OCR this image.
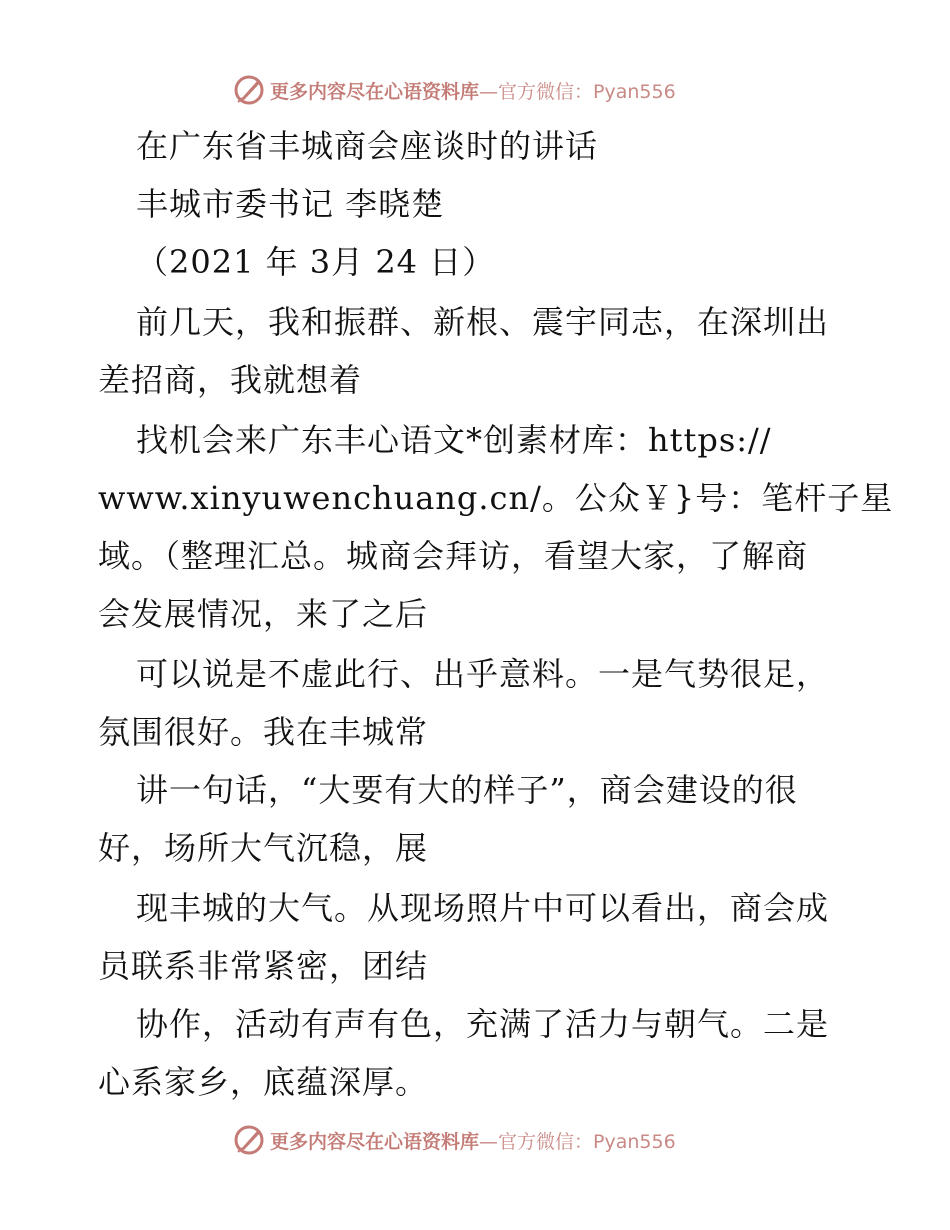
更多内容尽在心语资料库—官方微信：Pyan556
在广东省丰城商会座谈时的讲话
丰城市委书记 李晓楚
（2021 年 3月 24 日）
前几天，我和振群、新根、震宇同志，在深圳出
差招商，我就想着
找机会来广东丰心语文*创素材库：https://
www.xinyuwenchuang.cn/。公众￥}号：笔杆子星
域。（整理汇总。城商会拜访，看望大家，了解商
会发展情况，来了之后
可以说是不虚此行、出乎意料。一是气势很足，
氛围很好。我在丰城常
讲一句话，“大要有大的样子”，商会建设的很
好，场所大气沉稳，展
现丰城的大气。从现场照片中可以看出，商会成
员联系非常紧密，团结
协作，活动有声有色，充满了活力与朝气。二是
心系家乡，底蕴深厚。
更多内容尽在心语资料库—官方微信：Pyan556
